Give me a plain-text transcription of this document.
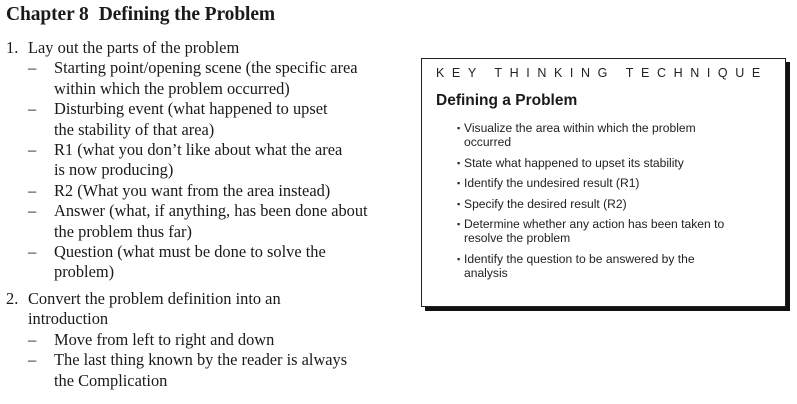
Chapter 8 Defining the Problem
1. Lay out the parts of the problem
– Starting point/opening scene (the specific area
within which the problem occurred)
– Disturbing event (what happened to upset
the stability of that area)
– R1 (what you don’t like about what the area
is now producing)
– R2 (What you want from the area instead)
– Answer (what, if anything, has been done about
the problem thus far)
– Question (what must be done to solve the
problem)
2. Convert the problem definition into an
introduction
– Move from left to right and down
– The last thing known by the reader is always
the Complication
KEY THINKING TECHNIQUE
Defining a Problem
▪ Visualize the area within which the problem
occurred
▪ State what happened to upset its stability
▪ Identify the undesired result (R1)
▪ Specify the desired result (R2)
▪ Determine whether any action has been taken to
resolve the problem
▪ Identify the question to be answered by the
analysis
